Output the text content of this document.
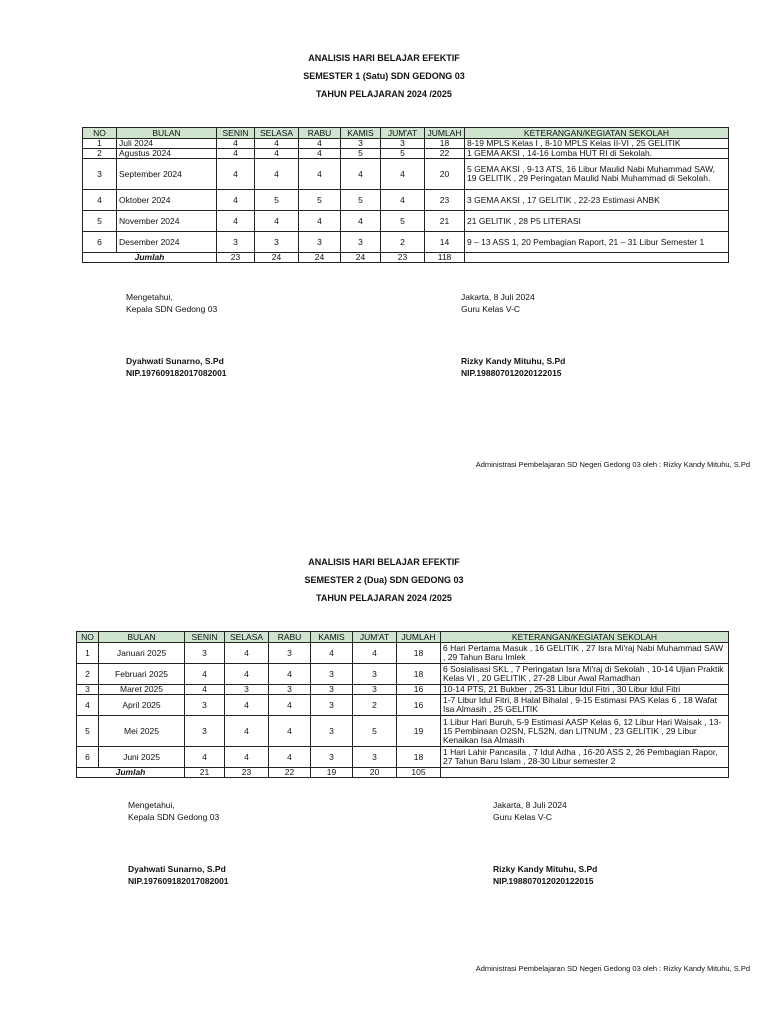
ANALISIS HARI BELAJAR EFEKTIF
SEMESTER 1 (Satu) SDN GEDONG 03
TAHUN PELAJARAN 2024 /2025
NO	BULAN	SENIN	SELASA	RABU	KAMIS	JUM'AT	JUMLAH	KETERANGAN/KEGIATAN SEKOLAH
1	Juli 2024	4	4	4	3	3	18	8-19 MPLS Kelas I , 8-10 MPLS Kelas II-VI , 25 GELITIK
2	Agustus 2024	4	4	4	5	5	22	1 GEMA AKSI , 14-16 Lomba HUT RI di Sekolah.
3	September 2024	4	4	4	4	4	20	5 GEMA AKSI , 9-13 ATS, 16 Libur Maulid Nabi Muhammad SAW, 19 GELITIK , 29 Peringatan Maulid Nabi Muhammad di Sekolah.
4	Oktober 2024	4	5	5	5	4	23	3 GEMA AKSI , 17 GELITIK , 22-23 Estimasi ANBK
5	November 2024	4	4	4	4	5	21	21 GELITIK , 28 P5 LITERASI
6	Desember 2024	3	3	3	3	2	14	9 – 13 ASS 1, 20 Pembagian Raport, 21 – 31 Libur Semester 1
Jumlah		23	24	24	24	23	118	
Mengetahui,
Kepala SDN Gedong 03
Dyahwati Sunarno, S.Pd
NIP.197609182017082001
Jakarta, 8 Juli 2024
Guru Kelas V-C
Rizky Kandy Mituhu, S.Pd
NIP.198807012020122015
Administrasi Pembelajaran SD Negeri Gedong 03 oleh : Rizky Kandy Mituhu, S.Pd
ANALISIS HARI BELAJAR EFEKTIF
SEMESTER 2 (Dua) SDN GEDONG 03
TAHUN PELAJARAN 2024 /2025
NO	BULAN	SENIN	SELASA	RABU	KAMIS	JUM'AT	JUMLAH	KETERANGAN/KEGIATAN SEKOLAH
1	Januari 2025	3	4	3	4	4	18	6 Hari Pertama Masuk , 16 GELITIK , 27 Isra Mi'raj Nabi Muhammad SAW , 29 Tahun Baru Imlek
2	Februari 2025	4	4	4	3	3	18	6 Sosialisasi SKL , 7 Peringatan Isra Mi'raj di Sekolah , 10-14 Ujian Praktik Kelas VI , 20 GELITIK , 27-28 Libur Awal Ramadhan
3	Maret 2025	4	3	3	3	3	16	10-14 PTS, 21 Bukber , 25-31 Libur Idul Fitri , 30 Libur Idul Fitri
4	April 2025	3	4	4	3	2	16	1-7 Libur Idul Fitri, 8 Halal Bihalal , 9-15 Estimasi PAS Kelas 6 , 18 Wafat Isa Almasih , 25 GELITIK
5	Mei 2025	3	4	4	3	5	19	1 Libur Hari Buruh, 5-9 Estimasi AASP Kelas 6, 12 Libur Hari Waisak , 13-15 Pembinaan O2SN, FLS2N, dan LITNUM , 23 GELITIK , 29 Libur Kenaikan Isa Almasih
6	Juni 2025	4	4	4	3	3	18	1 Hari Lahir Pancasila , 7 Idul Adha , 16-20 ASS 2, 26 Pembagian Rapor, 27 Tahun Baru Islam , 28-30 Libur semester 2
Jumlah		21	23	22	19	20	105	
Mengetahui,
Kepala SDN Gedong 03
Dyahwati Sunarno, S.Pd
NIP.197609182017082001
Jakarta, 8 Juli 2024
Guru Kelas V-C
Rizky Kandy Mituhu, S.Pd
NIP.198807012020122015
Administrasi Pembelajaran SD Negeri Gedong 03 oleh : Rizky Kandy Mituhu, S.Pd
